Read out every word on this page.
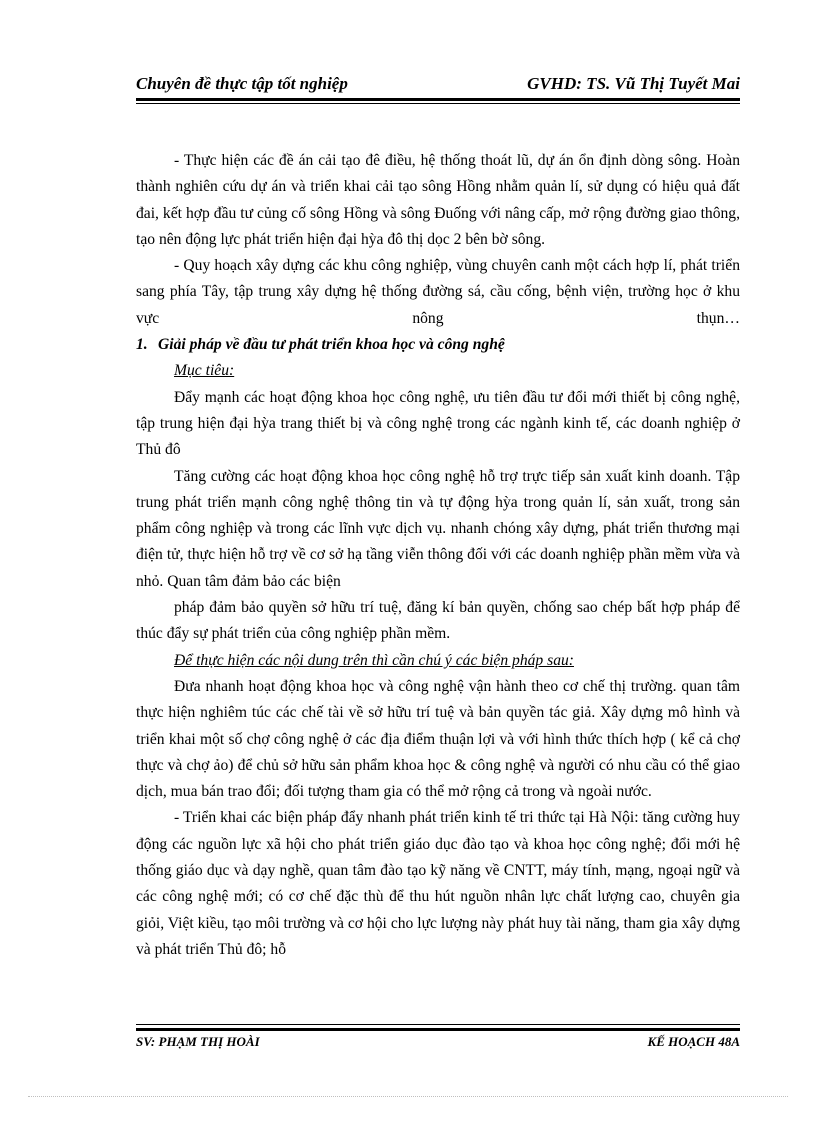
Chuyên đề thực tập tốt nghiệp	GVHD: TS. Vũ Thị Tuyết Mai

- Thực hiện các đề án cải tạo đê điều, hệ thống thoát lũ, dự án ổn định dòng sông. Hoàn thành nghiên cứu dự án và triển khai cải tạo sông Hồng nhằm quản lí, sử dụng có hiệu quả đất đai, kết hợp đầu tư củng cố sông Hồng và sông Đuống với nâng cấp, mở rộng đường giao thông, tạo nên động lực phát triển hiện đại hỳa đô thị dọc 2 bên bờ sông.

- Quy hoạch xây dựng các khu công nghiệp, vùng chuyên canh một cách hợp lí, phát triển sang phía Tây, tập trung xây dựng hệ thống đường sá, cầu cống, bệnh viện, trường học ở khu vực nông thụn…

1. Giải pháp về đầu tư phát triển khoa học và công nghệ

Mục tiêu:

Đẩy mạnh các hoạt động khoa học công nghệ, ưu tiên đầu tư đổi mới thiết bị công nghệ, tập trung hiện đại hỳa trang thiết bị và công nghệ trong các ngành kinh tế, các doanh nghiệp ở Thủ đô

Tăng cường các hoạt động khoa học công nghệ hỗ trợ trực tiếp sản xuất kinh doanh. Tập trung phát triển mạnh công nghệ thông tin và tự động hỳa trong quản lí, sản xuất, trong sản phẩm công nghiệp và trong các lĩnh vực dịch vụ. nhanh chóng xây dựng, phát triển thương mại điện tử, thực hiện hỗ trợ về cơ sở hạ tầng viễn thông đối với các doanh nghiệp phần mềm vừa và nhỏ. Quan tâm đảm bảo các biện

pháp đảm bảo quyền sở hữu trí tuệ, đăng kí bản quyền, chống sao chép bất hợp pháp để thúc đẩy sự phát triển của công nghiệp phần mềm.

Để thực hiện các nội dung trên thì cần chú ý các biện pháp sau:

Đưa nhanh hoạt động khoa học và công nghệ vận hành theo cơ chế thị trường. quan tâm thực hiện nghiêm túc các chế tài về sở hữu trí tuệ và bản quyền tác giả. Xây dựng mô hình và triển khai một số chợ công nghệ ở các địa điểm thuận lợi và với hình thức thích hợp ( kể cả chợ thực và chợ ảo) để chủ sở hữu sản phẩm khoa học & công nghệ và người có nhu cầu có thể giao dịch, mua bán trao đổi; đối tượng tham gia có thể mở rộng cả trong và ngoài nước.

- Triển khai các biện pháp đẩy nhanh phát triển kinh tế tri thức tại Hà Nội: tăng cường huy động các nguồn lực xã hội cho phát triển giáo dục đào tạo và khoa học công nghệ; đổi mới hệ thống giáo dục và dạy nghề, quan tâm đào tạo kỹ năng về CNTT, máy tính, mạng, ngoại ngữ và các công nghệ mới; có cơ chế đặc thù để thu hút nguồn nhân lực chất lượng cao, chuyên gia giỏi, Việt kiều, tạo môi trường và cơ hội cho lực lượng này phát huy tài năng, tham gia xây dựng và phát triển Thủ đô; hỗ

SV: PHẠM THỊ HOÀI	KẾ HOẠCH 48A
